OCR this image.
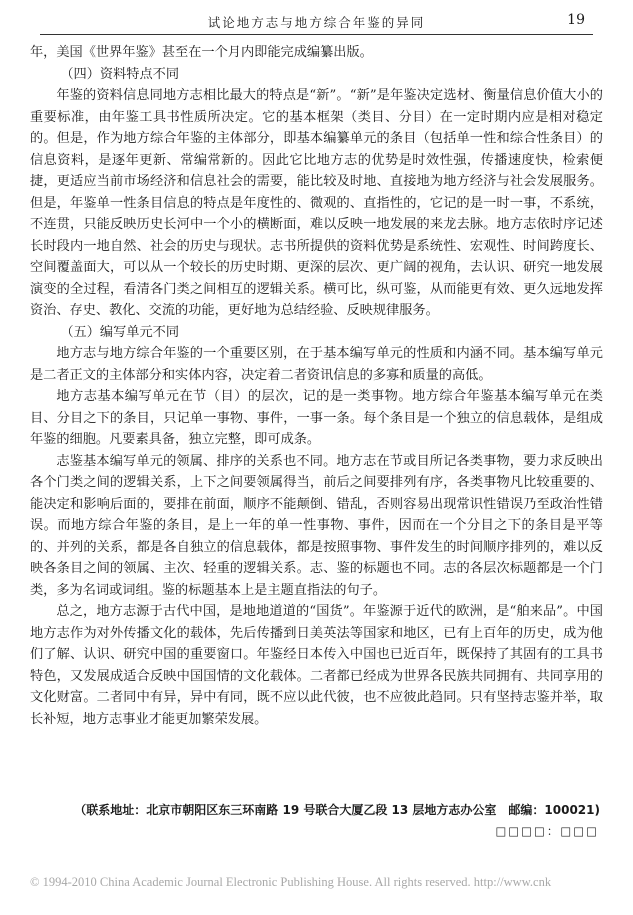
试论地方志与地方综合年鉴的异同	19

年，美国《世界年鉴》甚至在一个月内即能完成编纂出版。

（四）资料特点不同

年鉴的资料信息同地方志相比最大的特点是“新”。“新”是年鉴决定选材、衡量信息价值大小的重要标准，由年鉴工具书性质所决定。它的基本框架（类目、分目）在一定时期内应是相对稳定的。但是，作为地方综合年鉴的主体部分，即基本编纂单元的条目（包括单一性和综合性条目）的信息资料，是逐年更新、常编常新的。因此它比地方志的优势是时效性强，传播速度快，检索便捷，更适应当前市场经济和信息社会的需要，能比较及时地、直接地为地方经济与社会发展服务。但是，年鉴单一性条目信息的特点是年度性的、微观的、直指性的，它记的是一时一事，不系统，不连贯，只能反映历史长河中一个小的横断面，难以反映一地发展的来龙去脉。地方志依时序记述长时段内一地自然、社会的历史与现状。志书所提供的资料优势是系统性、宏观性、时间跨度长、空间覆盖面大，可以从一个较长的历史时期、更深的层次、更广阔的视角，去认识、研究一地发展演变的全过程，看清各门类之间相互的逻辑关系。横可比，纵可鉴，从而能更有效、更久远地发挥资治、存史、教化、交流的功能，更好地为总结经验、反映规律服务。

（五）编写单元不同

地方志与地方综合年鉴的一个重要区别，在于基本编写单元的性质和内涵不同。基本编写单元是二者正文的主体部分和实体内容，决定着二者资讯信息的多寡和质量的高低。

地方志基本编写单元在节（目）的层次，记的是一类事物。地方综合年鉴基本编写单元在类目、分目之下的条目，只记单一事物、事件，一事一条。每个条目是一个独立的信息载体，是组成年鉴的细胞。凡要素具备，独立完整，即可成条。

志鉴基本编写单元的领属、排序的关系也不同。地方志在节或目所记各类事物，要力求反映出各个门类之间的逻辑关系，上下之间要领属得当，前后之间要排列有序，各类事物凡比较重要的、能决定和影响后面的，要排在前面，顺序不能颠倒、错乱，否则容易出现常识性错误乃至政治性错误。而地方综合年鉴的条目，是上一年的单一性事物、事件，因而在一个分目之下的条目是平等的、并列的关系，都是各自独立的信息载体，都是按照事物、事件发生的时间顺序排列的，难以反映各条目之间的领属、主次、轻重的逻辑关系。志、鉴的标题也不同。志的各层次标题都是一个门类，多为名词或词组。鉴的标题基本上是主题直指法的句子。

总之，地方志源于古代中国，是地地道道的“国货”。年鉴源于近代的欧洲，是“舶来品”。中国地方志作为对外传播文化的载体，先后传播到日美英法等国家和地区，已有上百年的历史，成为他们了解、认识、研究中国的重要窗口。年鉴经日本传入中国也已近百年，既保持了其固有的工具书特色，又发展成适合反映中国国情的文化载体。二者都已经成为世界各民族共同拥有、共同享用的文化财富。二者同中有异，异中有同，既不应以此代彼，也不应彼此趋同。只有坚持志鉴并举，取长补短，地方志事业才能更加繁荣发展。

（联系地址：北京市朝阳区东三环南路 19 号联合大厦乙段 13 层地方志办公室　邮编：100021)
□□□□：□□□
© 1994-2010 China Academic Journal Electronic Publishing House. All rights reserved. http://www.cnk
